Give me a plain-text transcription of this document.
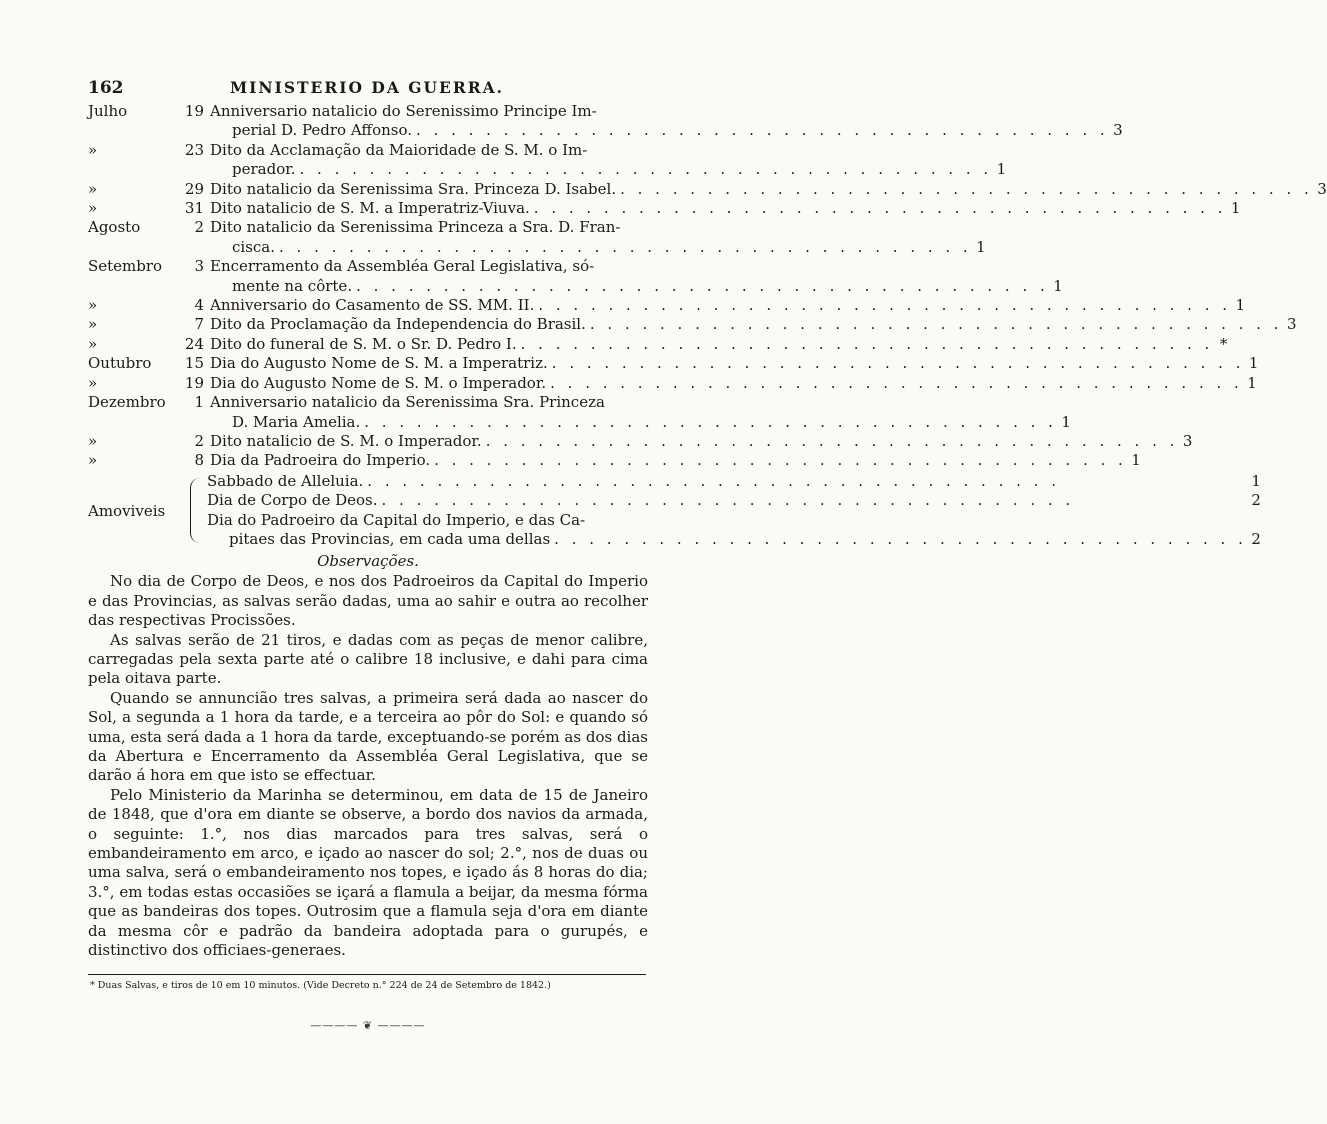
162	MINISTERIO DA GUERRA.
Julho	19 Anniversario natalicio do Serenissimo Principe Im-
perial D. Pedro Affonso. . . . . . . . . . . . . . . . . . . . . . . . . . . . . . . . . . . . . . . . . 3
»	23 Dito da Acclamação da Maioridade de S. M. o Im-
perador. . . . . . . . . . . . . . . . . . . . . . . . . . . . . . . . . . . . . . . . . 1
»	29 Dito natalicio da Serenissima Sra. Princeza D. Isabel. . . . . . . . . . . . . . . . . . . . . . . . . . . . . . . . . . . . . . . . . 3
»	31 Dito natalicio de S. M. a Imperatriz-Viuva. . . . . . . . . . . . . . . . . . . . . . . . . . . . . . . . . . . . . . . . . 1
Agosto	2 Dito natalicio da Serenissima Princeza a Sra. D. Fran-
cisca. . . . . . . . . . . . . . . . . . . . . . . . . . . . . . . . . . . . . . . . . 1
Setembro	3 Encerramento da Assembléa Geral Legislativa, só-
mente na côrte. . . . . . . . . . . . . . . . . . . . . . . . . . . . . . . . . . . . . . . . . 1
»	4 Anniversario do Casamento de SS. MM. II. . . . . . . . . . . . . . . . . . . . . . . . . . . . . . . . . . . . . . . . . 1
»	7 Dito da Proclamação da Independencia do Brasil. . . . . . . . . . . . . . . . . . . . . . . . . . . . . . . . . . . . . . . . . 3
»	24 Dito do funeral de S. M. o Sr. D. Pedro I. . . . . . . . . . . . . . . . . . . . . . . . . . . . . . . . . . . . . . . . . *
Outubro	15 Dia do Augusto Nome de S. M. a Imperatriz. . . . . . . . . . . . . . . . . . . . . . . . . . . . . . . . . . . . . . . . . 1
»	19 Dia do Augusto Nome de S. M. o Imperador. . . . . . . . . . . . . . . . . . . . . . . . . . . . . . . . . . . . . . . . . 1
Dezembro	1 Anniversario natalicio da Serenissima Sra. Princeza
D. Maria Amelia. . . . . . . . . . . . . . . . . . . . . . . . . . . . . . . . . . . . . . . . . 1
»	2 Dito natalicio de S. M. o Imperador. . . . . . . . . . . . . . . . . . . . . . . . . . . . . . . . . . . . . . . . . 3
»	8 Dia da Padroeira do Imperio. . . . . . . . . . . . . . . . . . . . . . . . . . . . . . . . . . . . . . . . . 1
Amoviveis
Sabbado de Alleluia. . . . . . . . . . . . . . . . . . . . . . . . . . . . . . . . . . . . . . . . .	1
Dia de Corpo de Deos. . . . . . . . . . . . . . . . . . . . . . . . . . . . . . . . . . . . . . . . .	2
Dia do Padroeiro da Capital do Imperio, e das Ca-
pitaes das Provincias, em cada uma dellas . . . . . . . . . . . . . . . . . . . . . . . . . . . . . . . . . . . . . . . . 2
Observações.

No dia de Corpo de Deos, e nos dos Padroeiros da Capital do Imperio e das Provincias, as salvas serão dadas, uma ao sahir e outra ao recolher das respectivas Procissões.

As salvas serão de 21 tiros, e dadas com as peças de menor calibre, carregadas pela sexta parte até o calibre 18 inclusive, e dahi para cima pela oitava parte.

Quando se annuncião tres salvas, a primeira será dada ao nascer do Sol, a segunda a 1 hora da tarde, e a terceira ao pôr do Sol: e quando só uma, esta será dada a 1 hora da tarde, exceptuando-se porém as dos dias da Abertura e Encerramento da Assembléa Geral Legislativa, que se darão á hora em que isto se effectuar.

Pelo Ministerio da Marinha se determinou, em data de 15 de Janeiro de 1848, que d'ora em diante se observe, a bordo dos navios da armada, o seguinte: 1.°, nos dias marcados para tres salvas, será o embandeiramento em arco, e içado ao nascer do sol; 2.°, nos de duas ou uma salva, será o embandeiramento nos topes, e içado ás 8 horas do dia; 3.°, em todas estas occasiões se içará a flamula a beijar, da mesma fórma que as bandeiras dos topes. Outrosim que a flamula seja d'ora em diante da mesma côr e padrão da bandeira adoptada para o gurupés, e distinctivo dos officiaes-generaes.

* Duas Salvas, e tiros de 10 em 10 minutos. (Vide Decreto n.° 224 de 24 de Setembro de 1842.)
———— ❦ ————
